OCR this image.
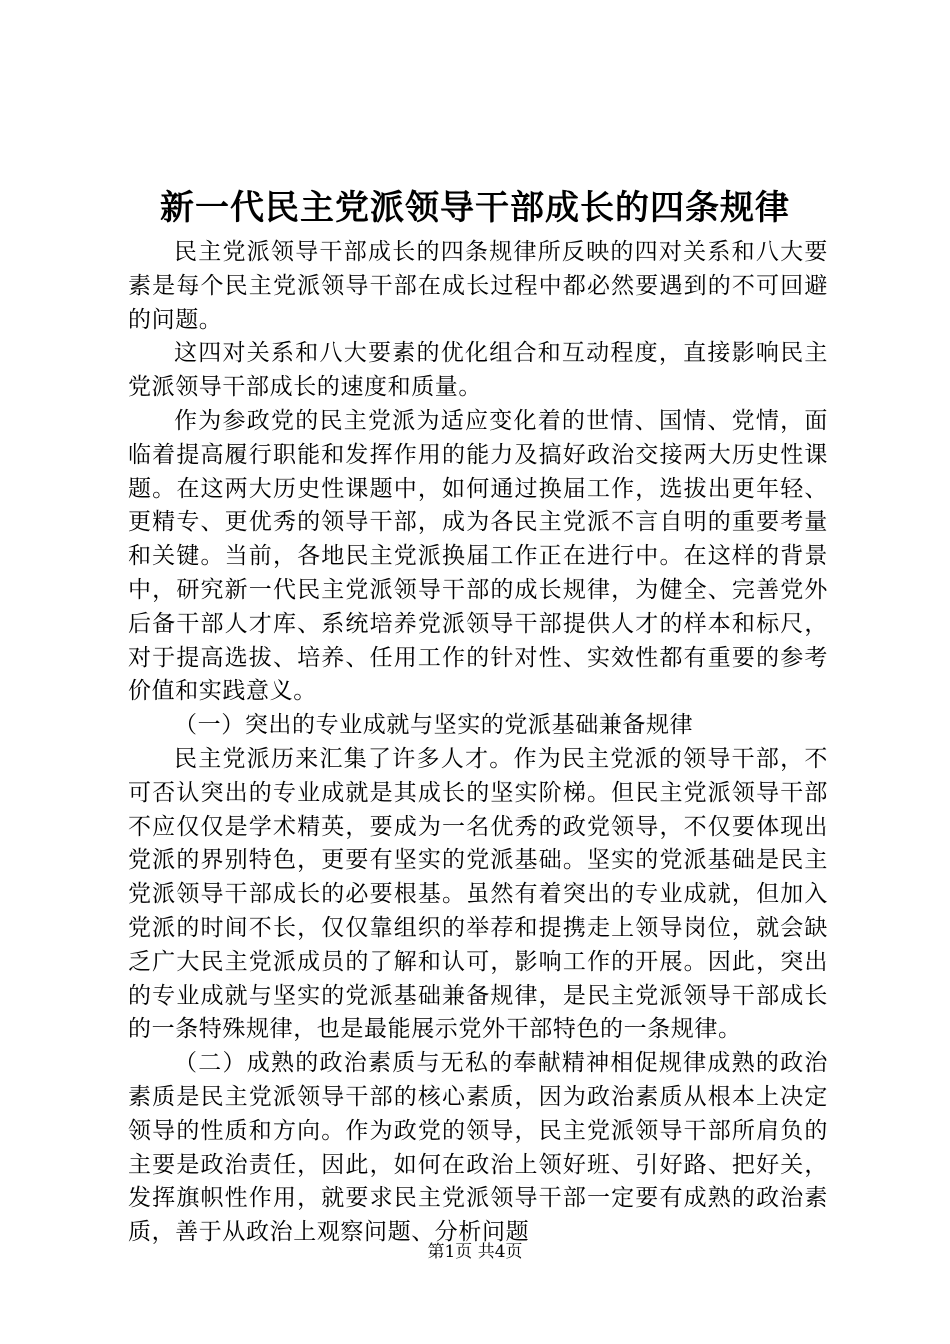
新一代民主党派领导干部成长的四条规律

民主党派领导干部成长的四条规律所反映的四对关系和八大要素是每个民主党派领导干部在成长过程中都必然要遇到的不可回避的问题。

这四对关系和八大要素的优化组合和互动程度，直接影响民主党派领导干部成长的速度和质量。

作为参政党的民主党派为适应变化着的世情、国情、党情，面临着提高履行职能和发挥作用的能力及搞好政治交接两大历史性课题。在这两大历史性课题中，如何通过换届工作，选拔出更年轻、更精专、更优秀的领导干部，成为各民主党派不言自明的重要考量和关键。当前，各地民主党派换届工作正在进行中。在这样的背景中，研究新一代民主党派领导干部的成长规律，为健全、完善党外后备干部人才库、系统培养党派领导干部提供人才的样本和标尺，对于提高选拔、培养、任用工作的针对性、实效性都有重要的参考价值和实践意义。

（一）突出的专业成就与坚实的党派基础兼备规律

民主党派历来汇集了许多人才。作为民主党派的领导干部，不可否认突出的专业成就是其成长的坚实阶梯。但民主党派领导干部不应仅仅是学术精英，要成为一名优秀的政党领导，不仅要体现出党派的界别特色，更要有坚实的党派基础。坚实的党派基础是民主党派领导干部成长的必要根基。虽然有着突出的专业成就，但加入党派的时间不长，仅仅靠组织的举荐和提携走上领导岗位，就会缺乏广大民主党派成员的了解和认可，影响工作的开展。因此，突出的专业成就与坚实的党派基础兼备规律，是民主党派领导干部成长的一条特殊规律，也是最能展示党外干部特色的一条规律。

（二）成熟的政治素质与无私的奉献精神相促规律成熟的政治素质是民主党派领导干部的核心素质，因为政治素质从根本上决定领导的性质和方向。作为政党的领导，民主党派领导干部所肩负的主要是政治责任，因此，如何在政治上领好班、引好路、把好关，发挥旗帜性作用，就要求民主党派领导干部一定要有成熟的政治素质，善于从政治上观察问题、分析问题

第1页 共4页
